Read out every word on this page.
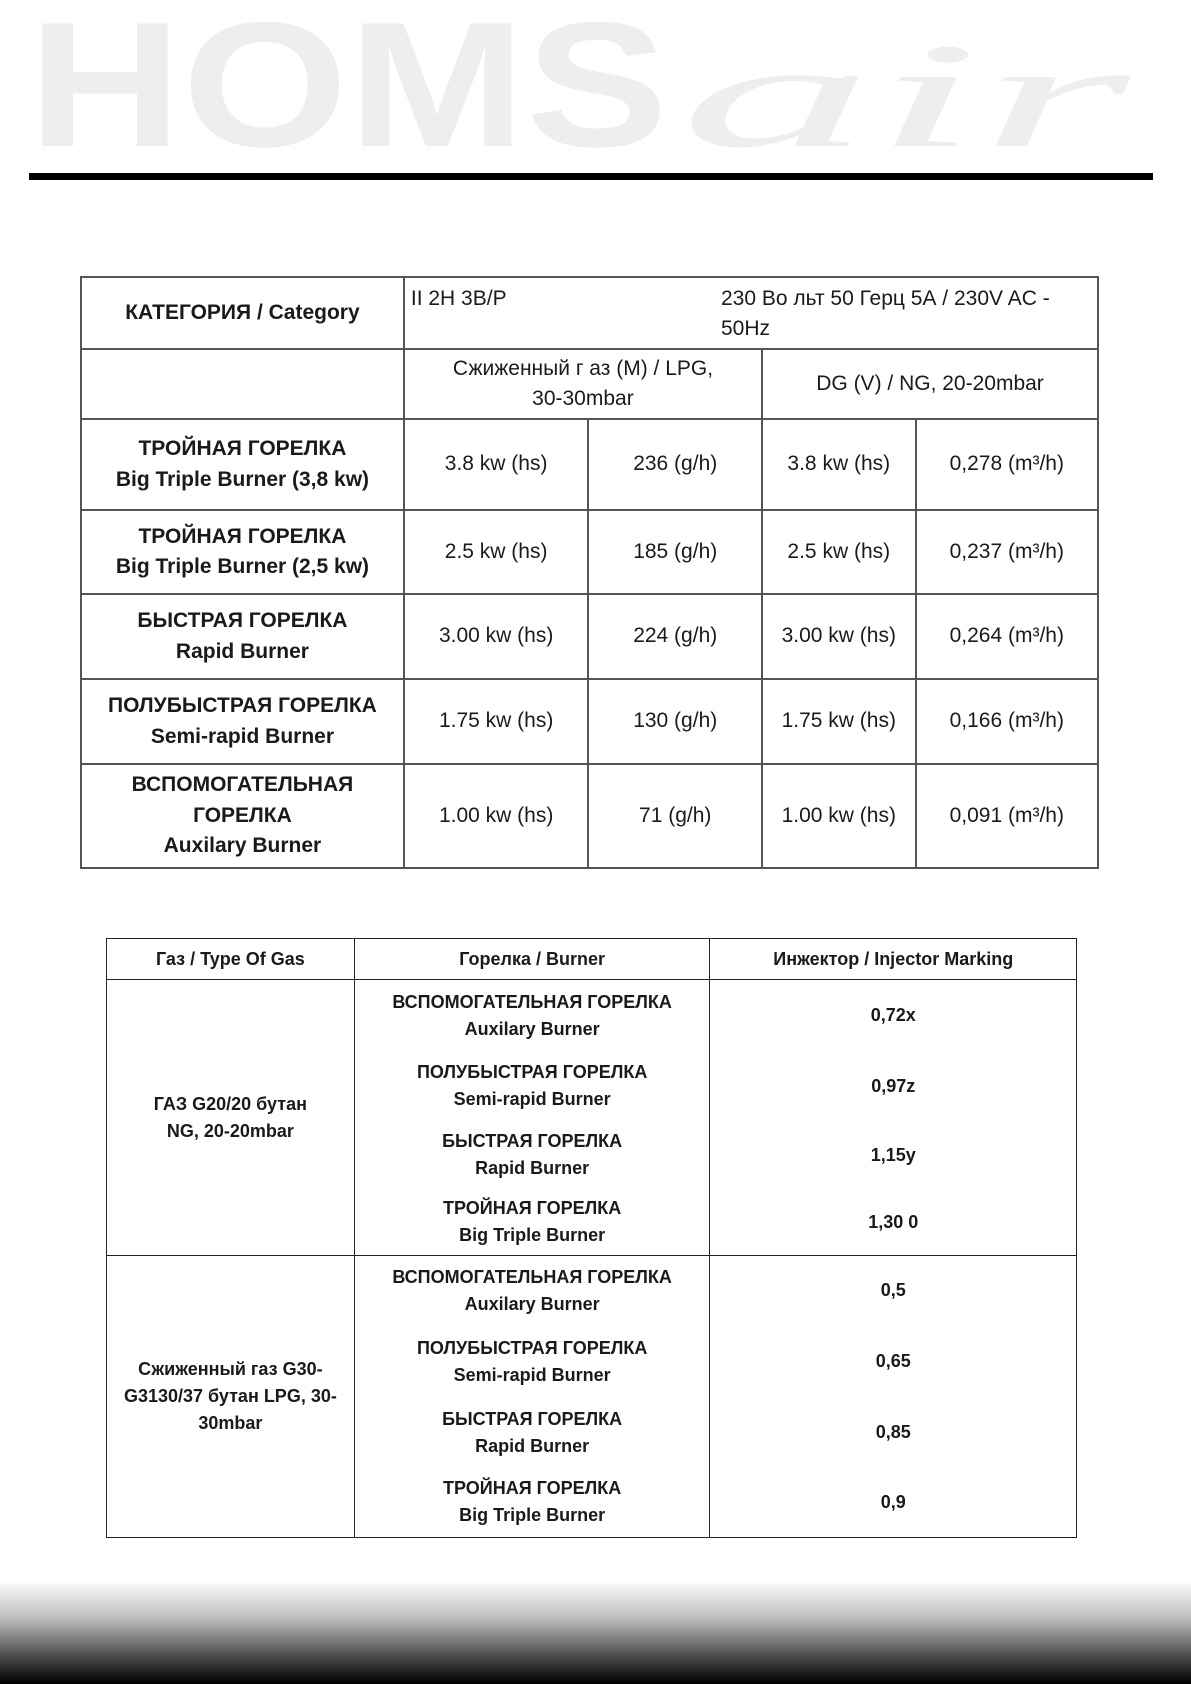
HOMS air
КАТЕГОРИЯ / Category	II 2H 3B/P 230 Во льт 50 Герц 5А / 230V AC - 50Hz			

	Сжиженный г аз (M) / LPG, 30-30mbar		DG (V) / NG, 20-20mbar	

ТРОЙНАЯ ГОРЕЛКА
Big Triple Burner (3,8 kw)	3.8 kw (hs)	236 (g/h)	3.8 kw (hs)	0,278 (m³/h)

ТРОЙНАЯ ГОРЕЛКА
Big Triple Burner (2,5 kw)	2.5 kw (hs)	185 (g/h)	2.5 kw (hs)	0,237 (m³/h)

БЫСТРАЯ ГОРЕЛКА
Rapid Burner	3.00 kw (hs)	224 (g/h)	3.00 kw (hs)	0,264 (m³/h)

ПОЛУБЫСТРАЯ ГОРЕЛКА
Semi-rapid Burner	1.75 kw (hs)	130 (g/h)	1.75 kw (hs)	0,166 (m³/h)

ВСПОМОГАТЕЛЬНАЯ ГОРЕЛКА
Auxilary Burner	1.00 kw (hs)	71 (g/h)	1.00 kw (hs)	0,091 (m³/h)
Газ / Type Of Gas	Горелка / Burner	Инжектор / Injector Marking
ГАЗ G20/20 бутан NG, 20-20mbar	ВСПОМОГАТЕЛЬНАЯ ГОРЕЛКА
Auxilary Burner	0,72x

	ПОЛУБЫСТРАЯ ГОРЕЛКА
Semi-rapid Burner	0,97z

	БЫСТРАЯ ГОРЕЛКА
Rapid Burner	1,15y

	ТРОЙНАЯ ГОРЕЛКА
Big Triple Burner	1,30 0
Сжиженный газ G30-G3130/37 бутан LPG, 30-30mbar	ВСПОМОГАТЕЛЬНАЯ ГОРЕЛКА
Auxilary Burner	0,5

	ПОЛУБЫСТРАЯ ГОРЕЛКА
Semi-rapid Burner	0,65

	БЫСТРАЯ ГОРЕЛКА
Rapid Burner	0,85

	ТРОЙНАЯ ГОРЕЛКА
Big Triple Burner	0,9
